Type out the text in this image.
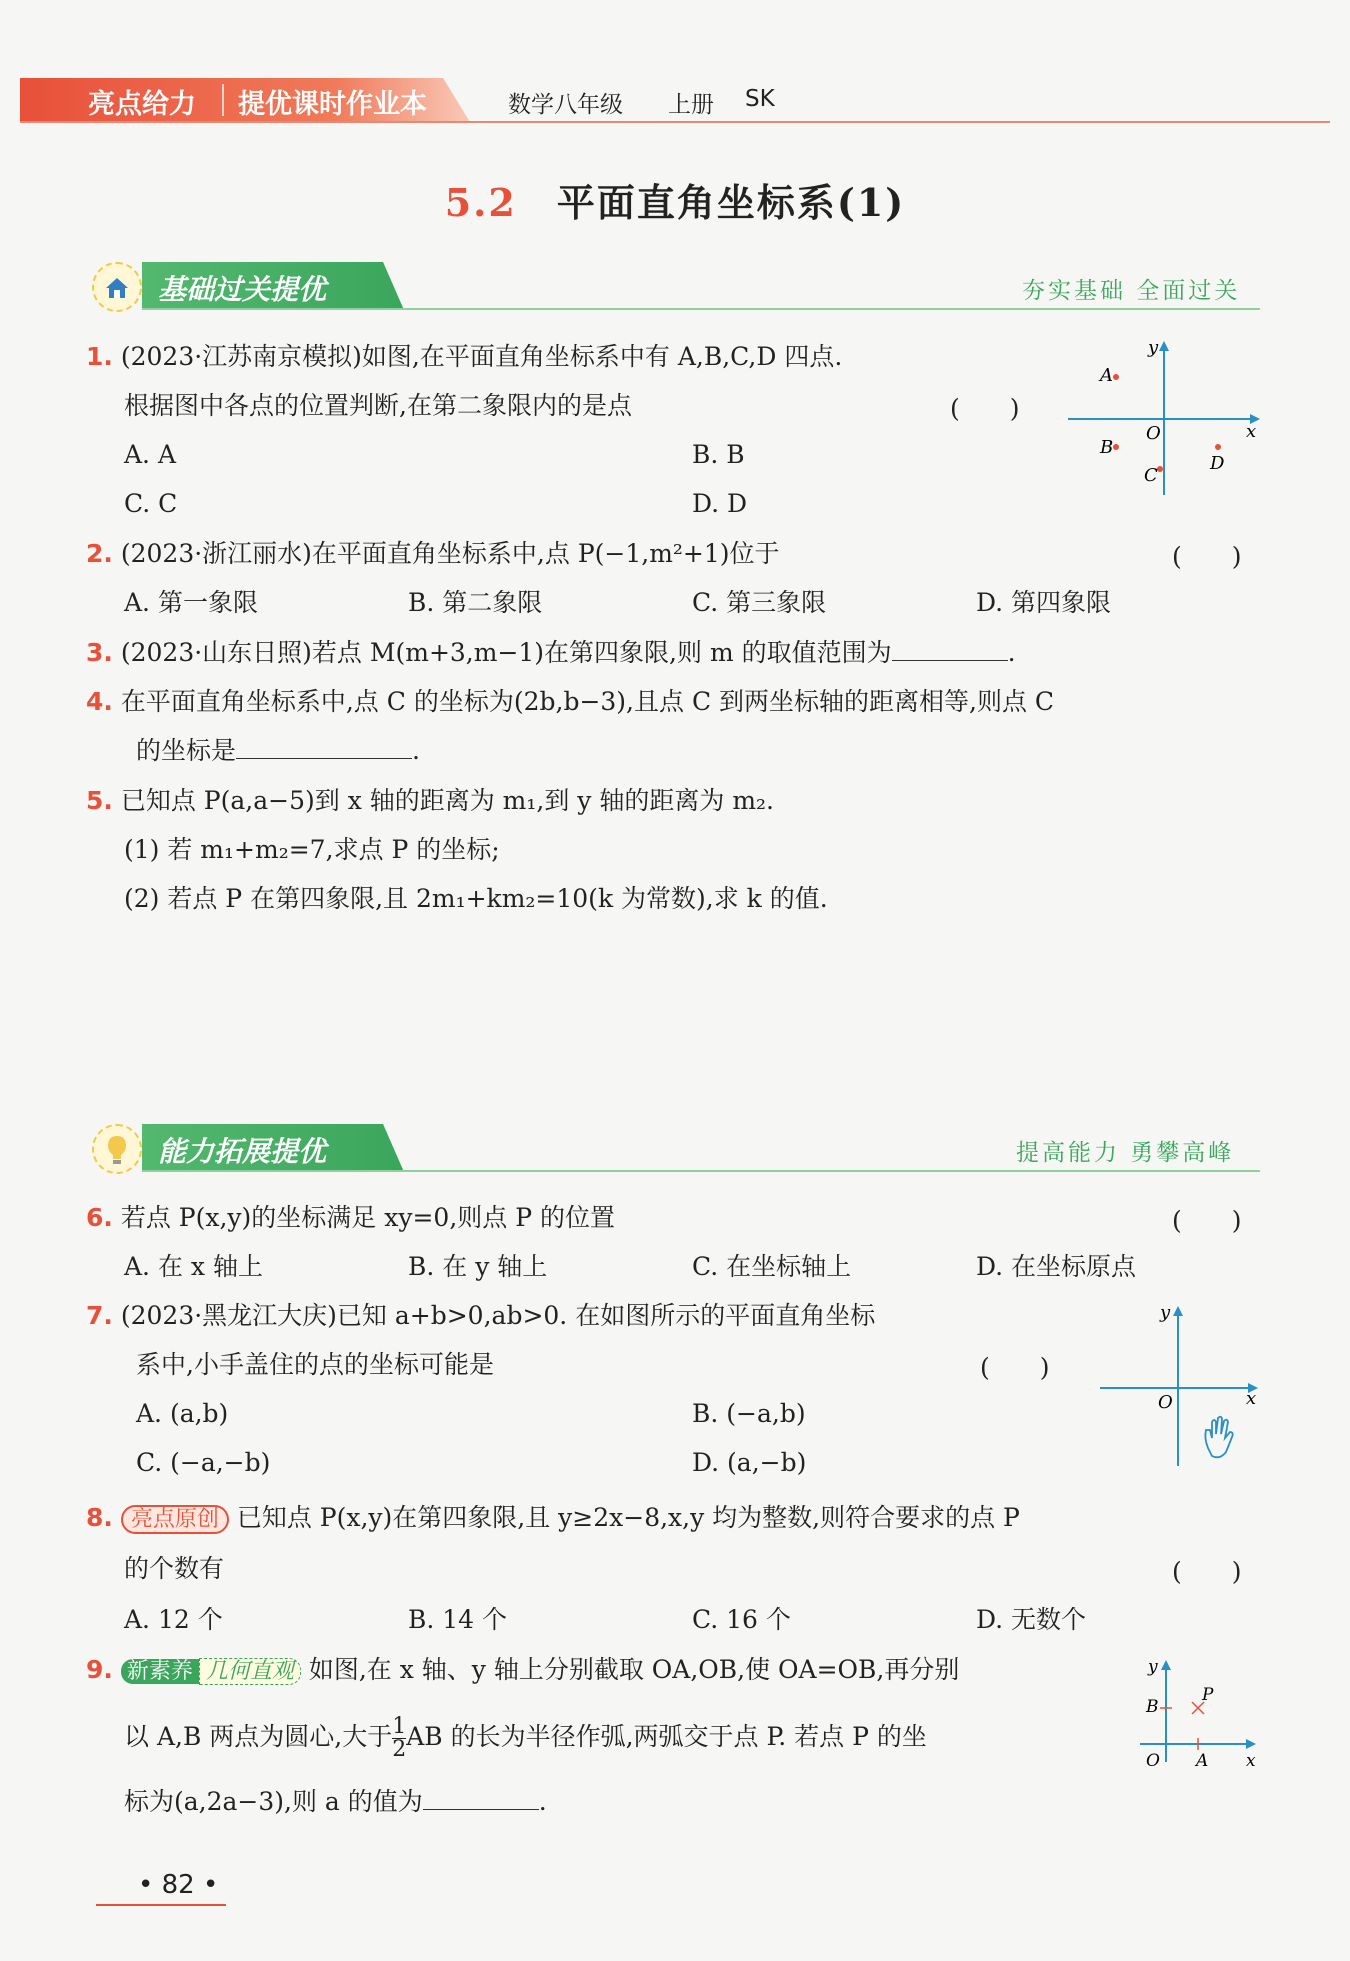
亮点给力 提优课时作业本	数学八年级 上册 SK
5.2 平面直角坐标系(1)
基础过关提优	夯实基础 全面过关
1. (2023·江苏南京模拟)如图,在平面直角坐标系中有 A,B,C,D 四点.
根据图中各点的位置判断,在第二象限内的是点	(　　)
A. A	B. B
C. C	D. D
y
x
O
A
B
C
D
2. (2023·浙江丽水)在平面直角坐标系中,点 P(−1,m²+1)位于	(　　)
A. 第一象限	B. 第二象限	C. 第三象限	D. 第四象限
3. (2023·山东日照)若点 M(m+3,m−1)在第四象限,则 m 的取值范围为	.
4. 在平面直角坐标系中,点 C 的坐标为(2b,b−3),且点 C 到两坐标轴的距离相等,则点 C
的坐标是	.
5. 已知点 P(a,a−5)到 x 轴的距离为 m₁,到 y 轴的距离为 m₂.
(1) 若 m₁+m₂=7,求点 P 的坐标;
(2) 若点 P 在第四象限,且 2m₁+km₂=10(k 为常数),求 k 的值.
能力拓展提优	提高能力 勇攀高峰
6. 若点 P(x,y)的坐标满足 xy=0,则点 P 的位置	(　　)
A. 在 x 轴上	B. 在 y 轴上	C. 在坐标轴上	D. 在坐标原点
7. (2023·黑龙江大庆)已知 a+b>0,ab>0. 在如图所示的平面直角坐标
系中,小手盖住的点的坐标可能是	(　　)
A. (a,b)	B. (−a,b)
C. (−a,−b)	D. (a,−b)
y
x
O
8. 亮点原创 已知点 P(x,y)在第四象限,且 y≥2x−8,x,y 均为整数,则符合要求的点 P
的个数有	(　　)
A. 12 个	B. 14 个	C. 16 个	D. 无数个
9. 新素养 几何直观 如图,在 x 轴、y 轴上分别截取 OA,OB,使 OA=OB,再分别
以 A,B 两点为圆心,大于 $\frac{1}{2}$ AB 的长为半径作弧,两弧交于点 P. 若点 P 的坐
标为(a,2a−3),则 a 的值为	.
y
x
O
B
A
P
• 82 •
